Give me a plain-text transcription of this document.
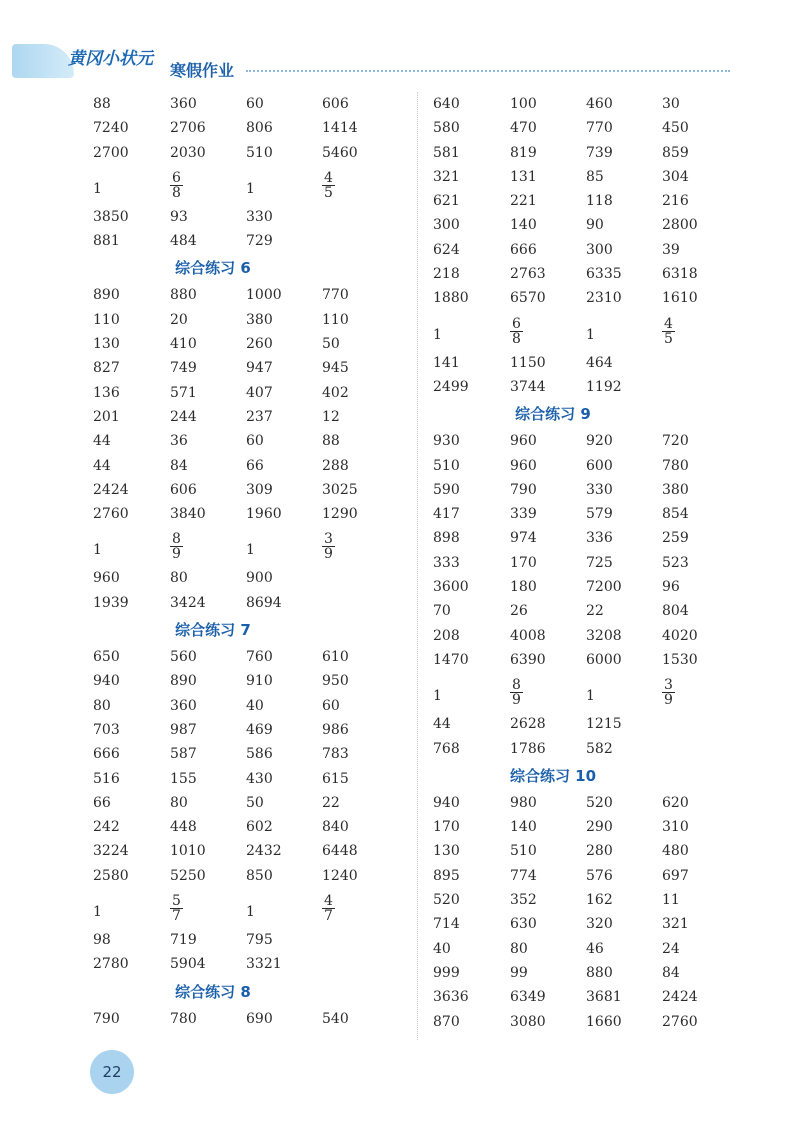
黄冈小状元
寒假作业
88	360	60	606
7240	2706	806	1414
2700	2030	510	5460
1	$\frac{6}{8}$	1	$\frac{4}{5}$
3850	93	330
881	484	729
综合练习 6
890	880	1000	770
110	20	380	110
130	410	260	50
827	749	947	945
136	571	407	402
201	244	237	12
44	36	60	88
44	84	66	288
2424	606	309	3025
2760	3840	1960	1290
1	$\frac{8}{9}$	1	$\frac{3}{9}$
960	80	900
1939	3424	8694
综合练习 7
650	560	760	610
940	890	910	950
80	360	40	60
703	987	469	986
666	587	586	783
516	155	430	615
66	80	50	22
242	448	602	840
3224	1010	2432	6448
2580	5250	850	1240
1	$\frac{5}{7}$	1	$\frac{4}{7}$
98	719	795
2780	5904	3321
综合练习 8
790	780	690	540
640	100	460	30
580	470	770	450
581	819	739	859
321	131	85	304
621	221	118	216
300	140	90	2800
624	666	300	39
218	2763	6335	6318
1880	6570	2310	1610
1	$\frac{6}{8}$	1	$\frac{4}{5}$
141	1150	464
2499	3744	1192
综合练习 9
930	960	920	720
510	960	600	780
590	790	330	380
417	339	579	854
898	974	336	259
333	170	725	523
3600	180	7200	96
70	26	22	804
208	4008	3208	4020
1470	6390	6000	1530
1	$\frac{8}{9}$	1	$\frac{3}{9}$
44	2628	1215
768	1786	582
综合练习 10
940	980	520	620
170	140	290	310
130	510	280	480
895	774	576	697
520	352	162	11
714	630	320	321
40	80	46	24
999	99	880	84
3636	6349	3681	2424
870	3080	1660	2760
22
